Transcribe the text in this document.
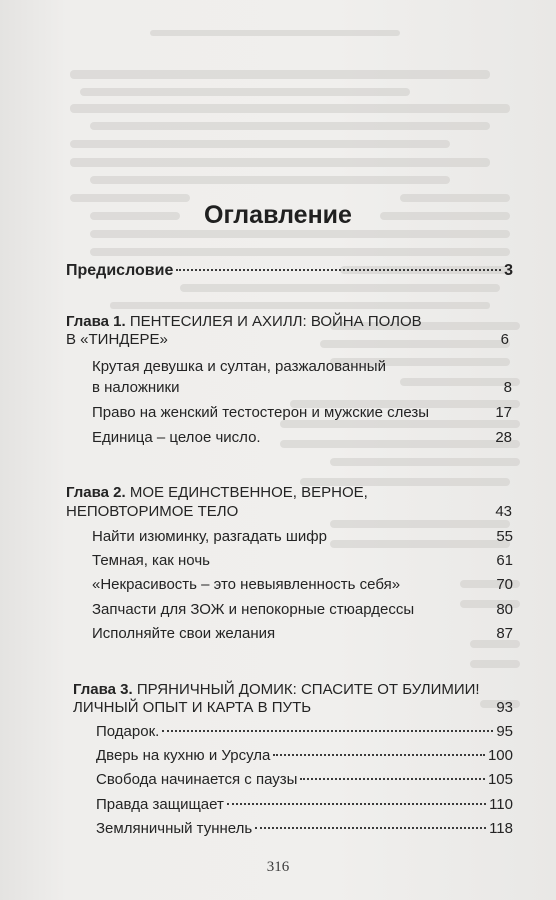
Оглавление
Предисловие	3
Глава 1. ПЕНТЕСИЛЕЯ И АХИЛЛ: ВОЙНА ПОЛОВ
В «ТИНДЕРЕ»	6
Крутая девушка и султан, разжалованный
в наложники	8
Право на женский тестостерон и мужские слезы	17
Единица – целое число.	28
Глава 2. МОЕ ЕДИНСТВЕННОЕ, ВЕРНОЕ,
НЕПОВТОРИМОЕ ТЕЛО	43
Найти изюминку, разгадать шифр	55
Темная, как ночь	61
«Некрасивость – это невыявленность себя»	70
Запчасти для ЗОЖ и непокорные стюардессы	80
Исполняйте свои желания	87
Глава 3. ПРЯНИЧНЫЙ ДОМИК: СПАСИТЕ ОТ БУЛИМИИ!
ЛИЧНЫЙ ОПЫТ И КАРТА В ПУТЬ	93
Подарок.	95
Дверь на кухню и Урсула	100
Свобода начинается с паузы	105
Правда защищает	110
Земляничный туннель	118
316
